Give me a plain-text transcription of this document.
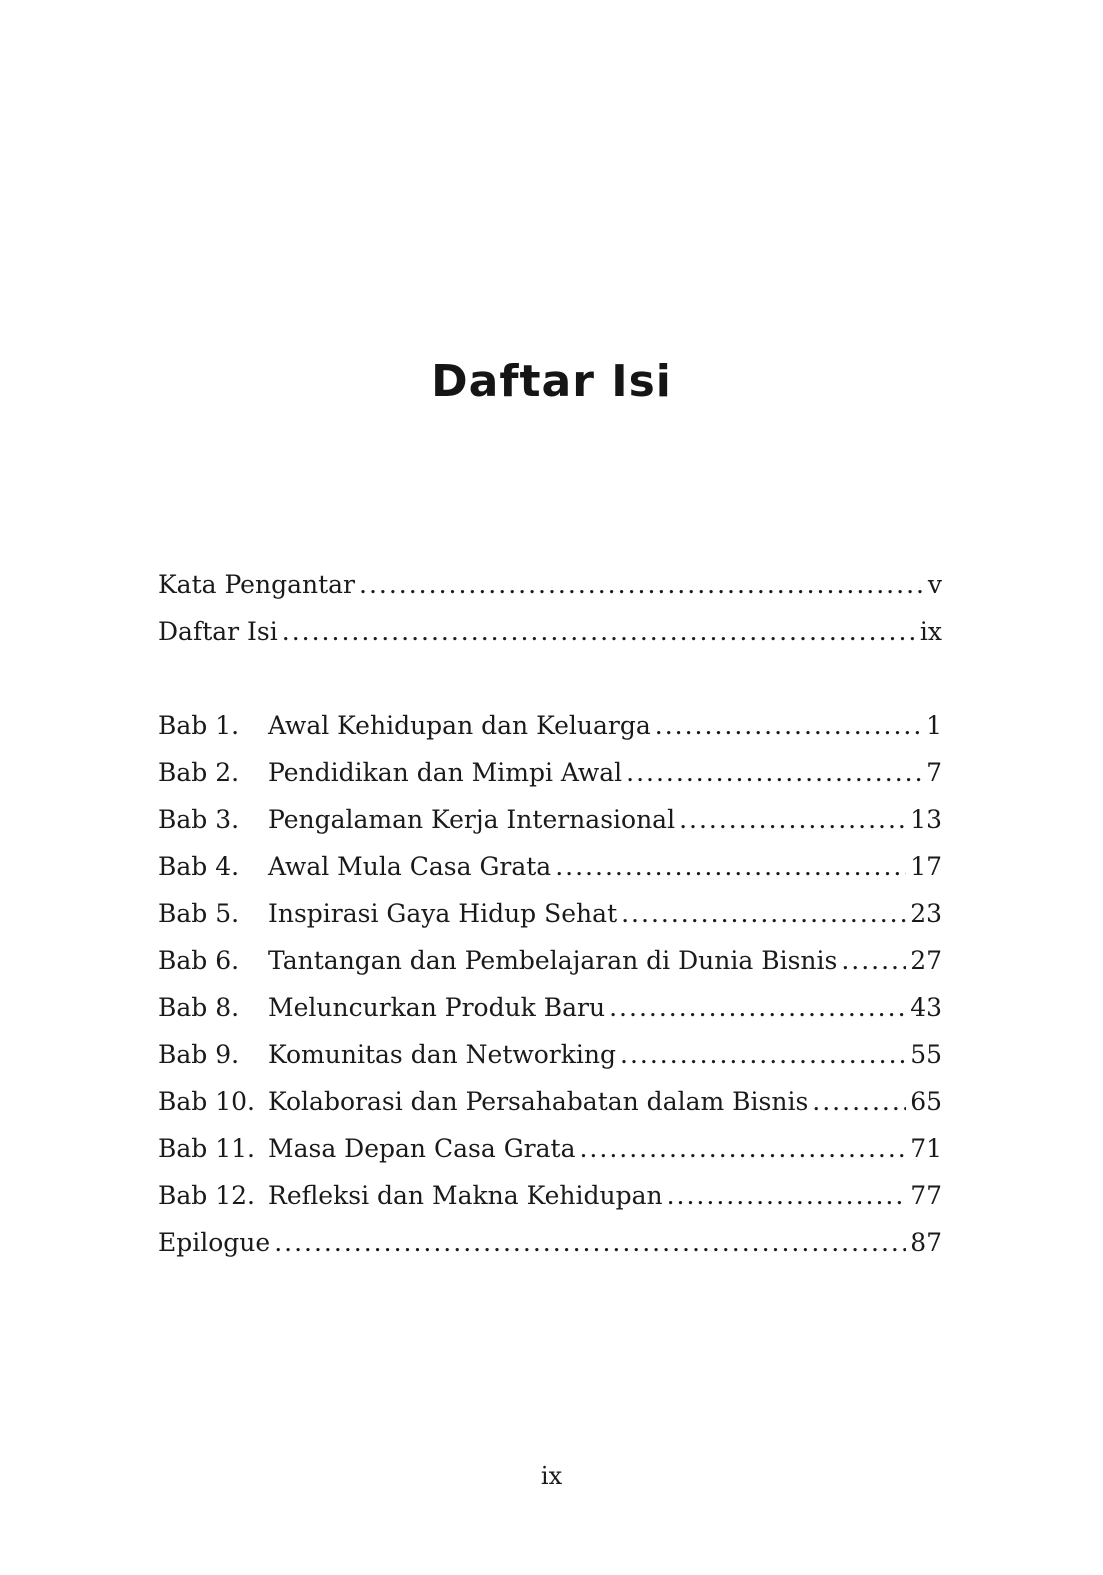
Daftar Isi
Kata Pengantar .....	v
Daftar Isi .....	ix
Bab 1.	Awal Kehidupan dan Keluarga .....	1
Bab 2.	Pendidikan dan Mimpi Awal .....	7
Bab 3.	Pengalaman Kerja Internasional .....	13
Bab 4.	Awal Mula Casa Grata .....	17
Bab 5.	Inspirasi Gaya Hidup Sehat .....	23
Bab 6.	Tantangan dan Pembelajaran di Dunia Bisnis .....	27
Bab 8.	Meluncurkan Produk Baru .....	43
Bab 9.	Komunitas dan Networking .....	55
Bab 10. Kolaborasi dan Persahabatan dalam Bisnis .....	65
Bab 11. Masa Depan Casa Grata .....	71
Bab 12. Refleksi dan Makna Kehidupan .....	77
Epilogue .....	87
ix
